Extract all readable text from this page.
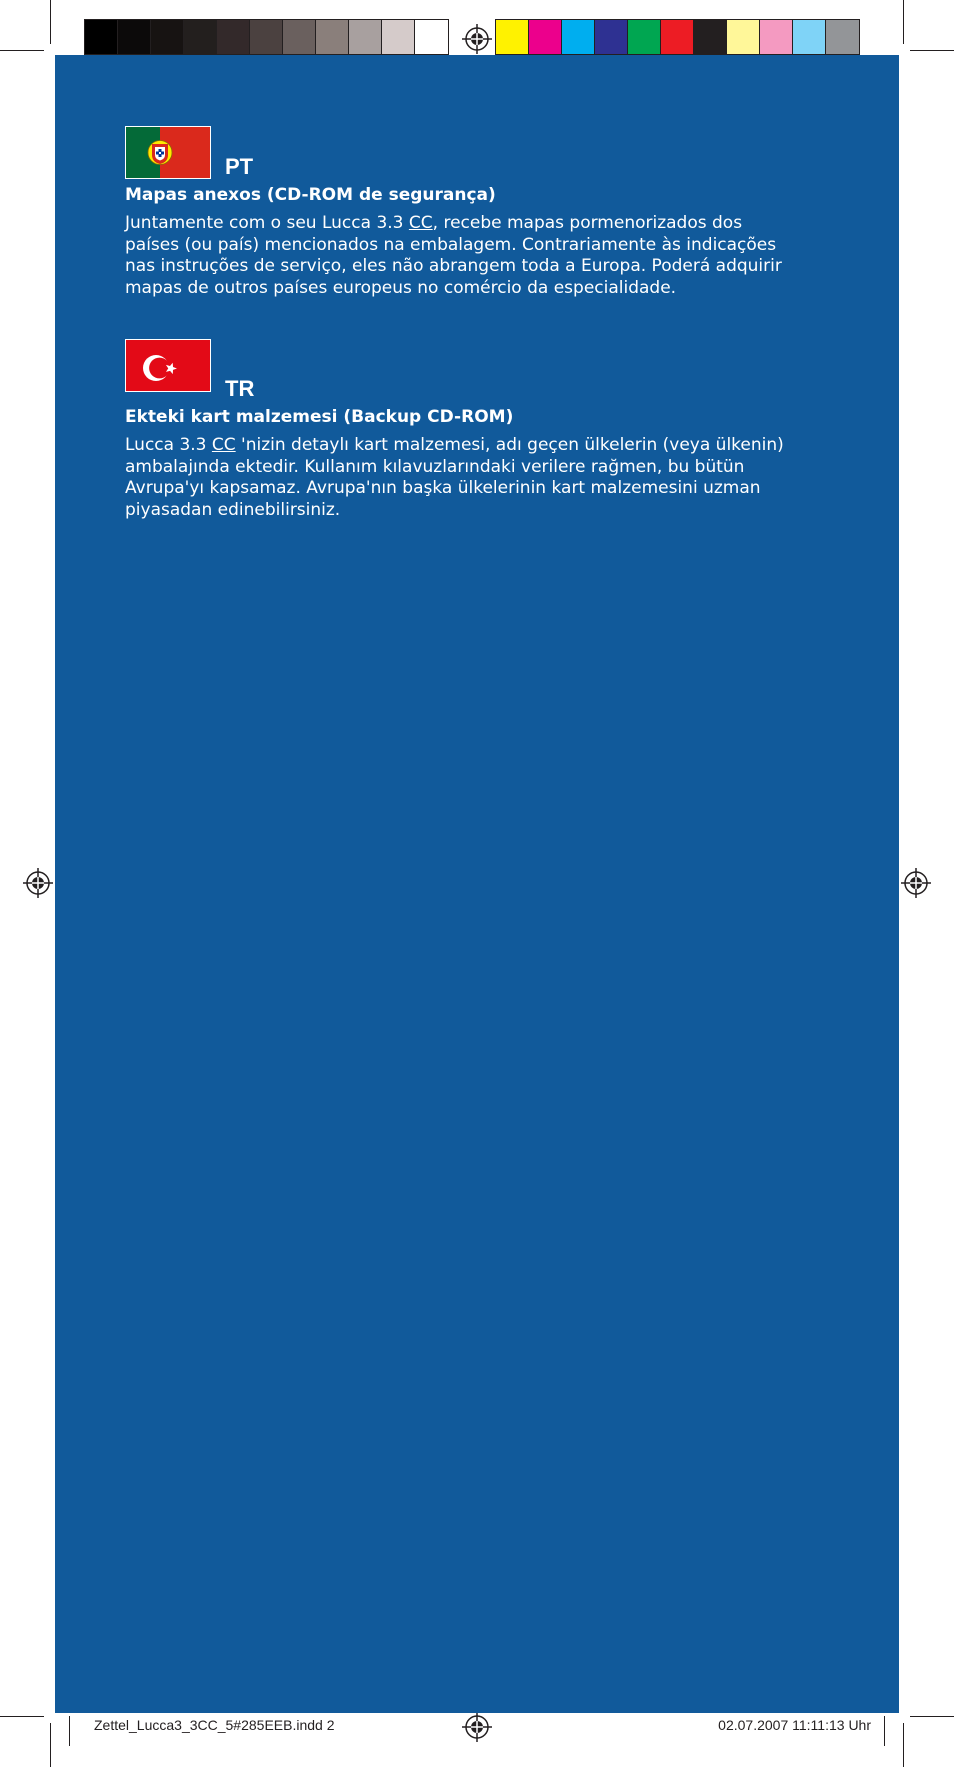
PT
Mapas anexos (CD-ROM de segurança)
Juntamente com o seu Lucca 3.3 CC, recebe mapas pormenorizados dos
países (ou país) mencionados na embalagem. Contrariamente às indicações
nas instruções de serviço, eles não abrangem toda a Europa. Poderá adquirir
mapas de outros países europeus no comércio da especialidade.
TR
Ekteki kart malzemesi (Backup CD-ROM)
Lucca 3.3 CC 'nizin detaylı kart malzemesi, adı geçen ülkelerin (veya ülkenin)
ambalajında ektedir. Kullanım kılavuzlarındaki verilere rağmen, bu bütün
Avrupa'yı kapsamaz. Avrupa'nın başka ülkelerinin kart malzemesini uzman
piyasadan edinebilirsiniz.
Zettel_Lucca3_3CC_5#285EEB.indd 2	02.07.2007 11:11:13 Uhr
